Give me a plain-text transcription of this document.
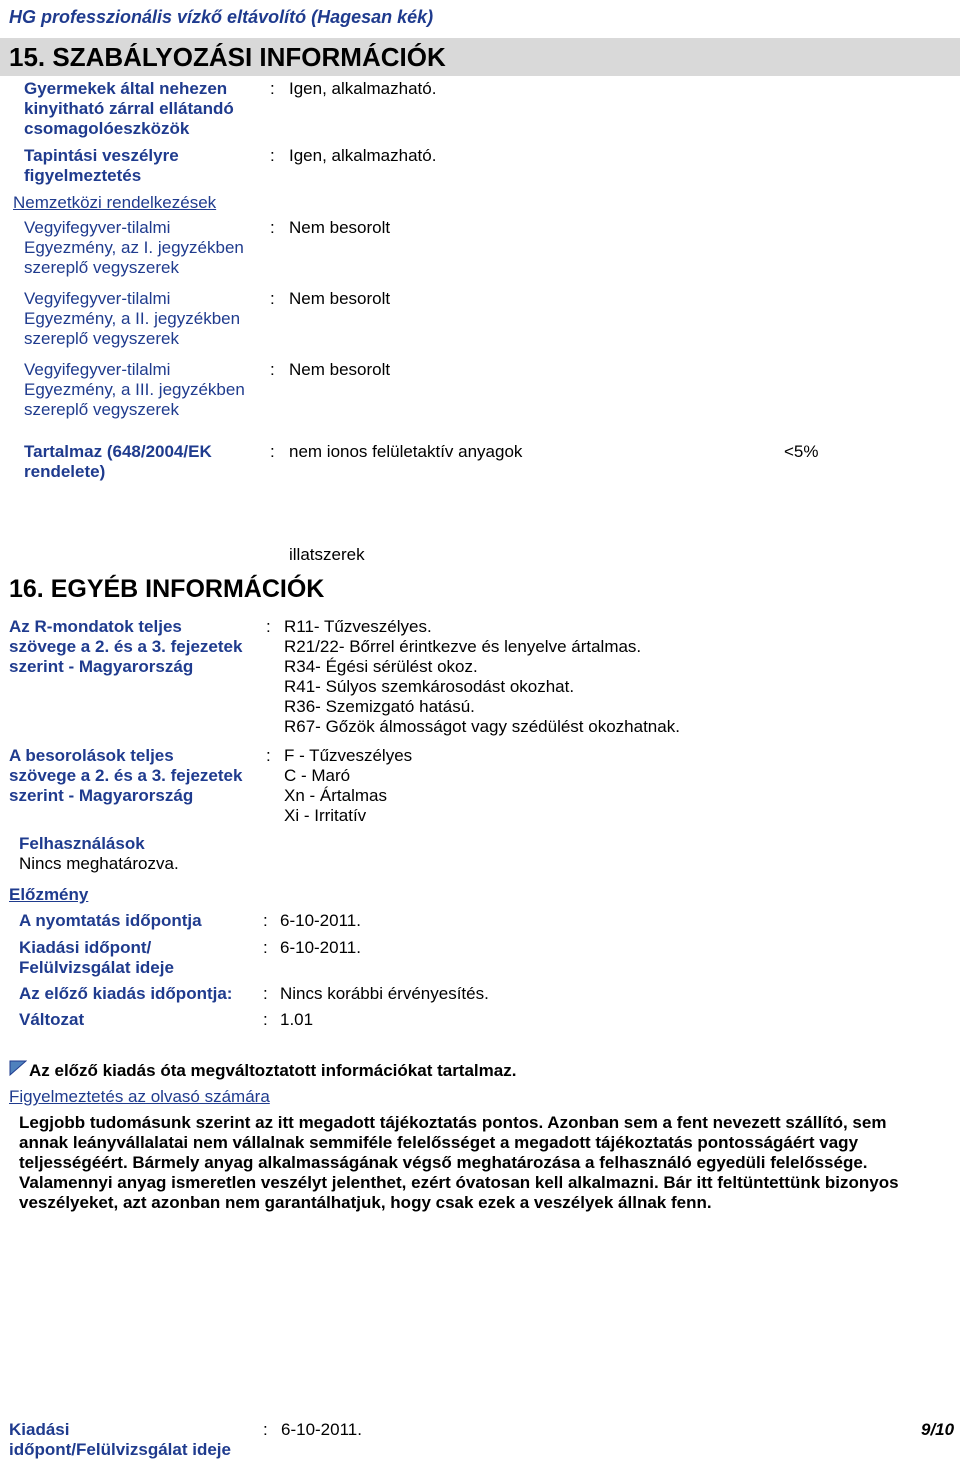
HG professzionális vízkő eltávolító (Hagesan kék)
15. SZABÁLYOZÁSI INFORMÁCIÓK
Gyermekek által nehezen
kinyitható zárral ellátandó
csomagolóeszközök
: Igen, alkalmazható.
Tapintási veszélyre
figyelmeztetés
: Igen, alkalmazható.
Nemzetközi rendelkezések
Vegyifegyver-tilalmi
Egyezmény, az I. jegyzékben
szereplő vegyszerek
: Nem besorolt
Vegyifegyver-tilalmi
Egyezmény, a II. jegyzékben
szereplő vegyszerek
: Nem besorolt
Vegyifegyver-tilalmi
Egyezmény, a III. jegyzékben
szereplő vegyszerek
: Nem besorolt
Tartalmaz (648/2004/EK
rendelete)
: nem ionos felületaktív anyagok	<5%
illatszerek
16. EGYÉB INFORMÁCIÓK
Az R-mondatok teljes
szövege a 2. és a 3. fejezetek
szerint - Magyarország
: R11- Tűzveszélyes.
R21/22- Bőrrel érintkezve és lenyelve ártalmas.
R34- Égési sérülést okoz.
R41- Súlyos szemkárosodást okozhat.
R36- Szemizgató hatású.
R67- Gőzök álmosságot vagy szédülést okozhatnak.
A besorolások teljes
szövege a 2. és a 3. fejezetek
szerint - Magyarország
: F - Tűzveszélyes
C - Maró
Xn - Ártalmas
Xi - Irritatív
Felhasználások
Nincs meghatározva.
Előzmény
A nyomtatás időpontja	: 6-10-2011.
Kiadási időpont/
Felülvizsgálat ideje
: 6-10-2011.
Az előző kiadás időpontja: : Nincs korábbi érvényesítés.
Változat	: 1.01
Az előző kiadás óta megváltoztatott információkat tartalmaz.
Figyelmeztetés az olvasó számára
Legjobb tudomásunk szerint az itt megadott tájékoztatás pontos. Azonban sem a fent nevezett szállító, sem
annak leányvállalatai nem vállalnak semmiféle felelősséget a megadott tájékoztatás pontosságáért vagy
teljességéért. Bármely anyag alkalmasságának végső meghatározása a felhasználó egyedüli felelőssége.
Valamennyi anyag ismeretlen veszélyt jelenthet, ezért óvatosan kell alkalmazni. Bár itt feltüntettünk bizonyos
veszélyeket, azt azonban nem garantálhatjuk, hogy csak ezek a veszélyek állnak fenn.
Kiadási
időpont/Felülvizsgálat ideje
: 6-10-2011.	9/10
